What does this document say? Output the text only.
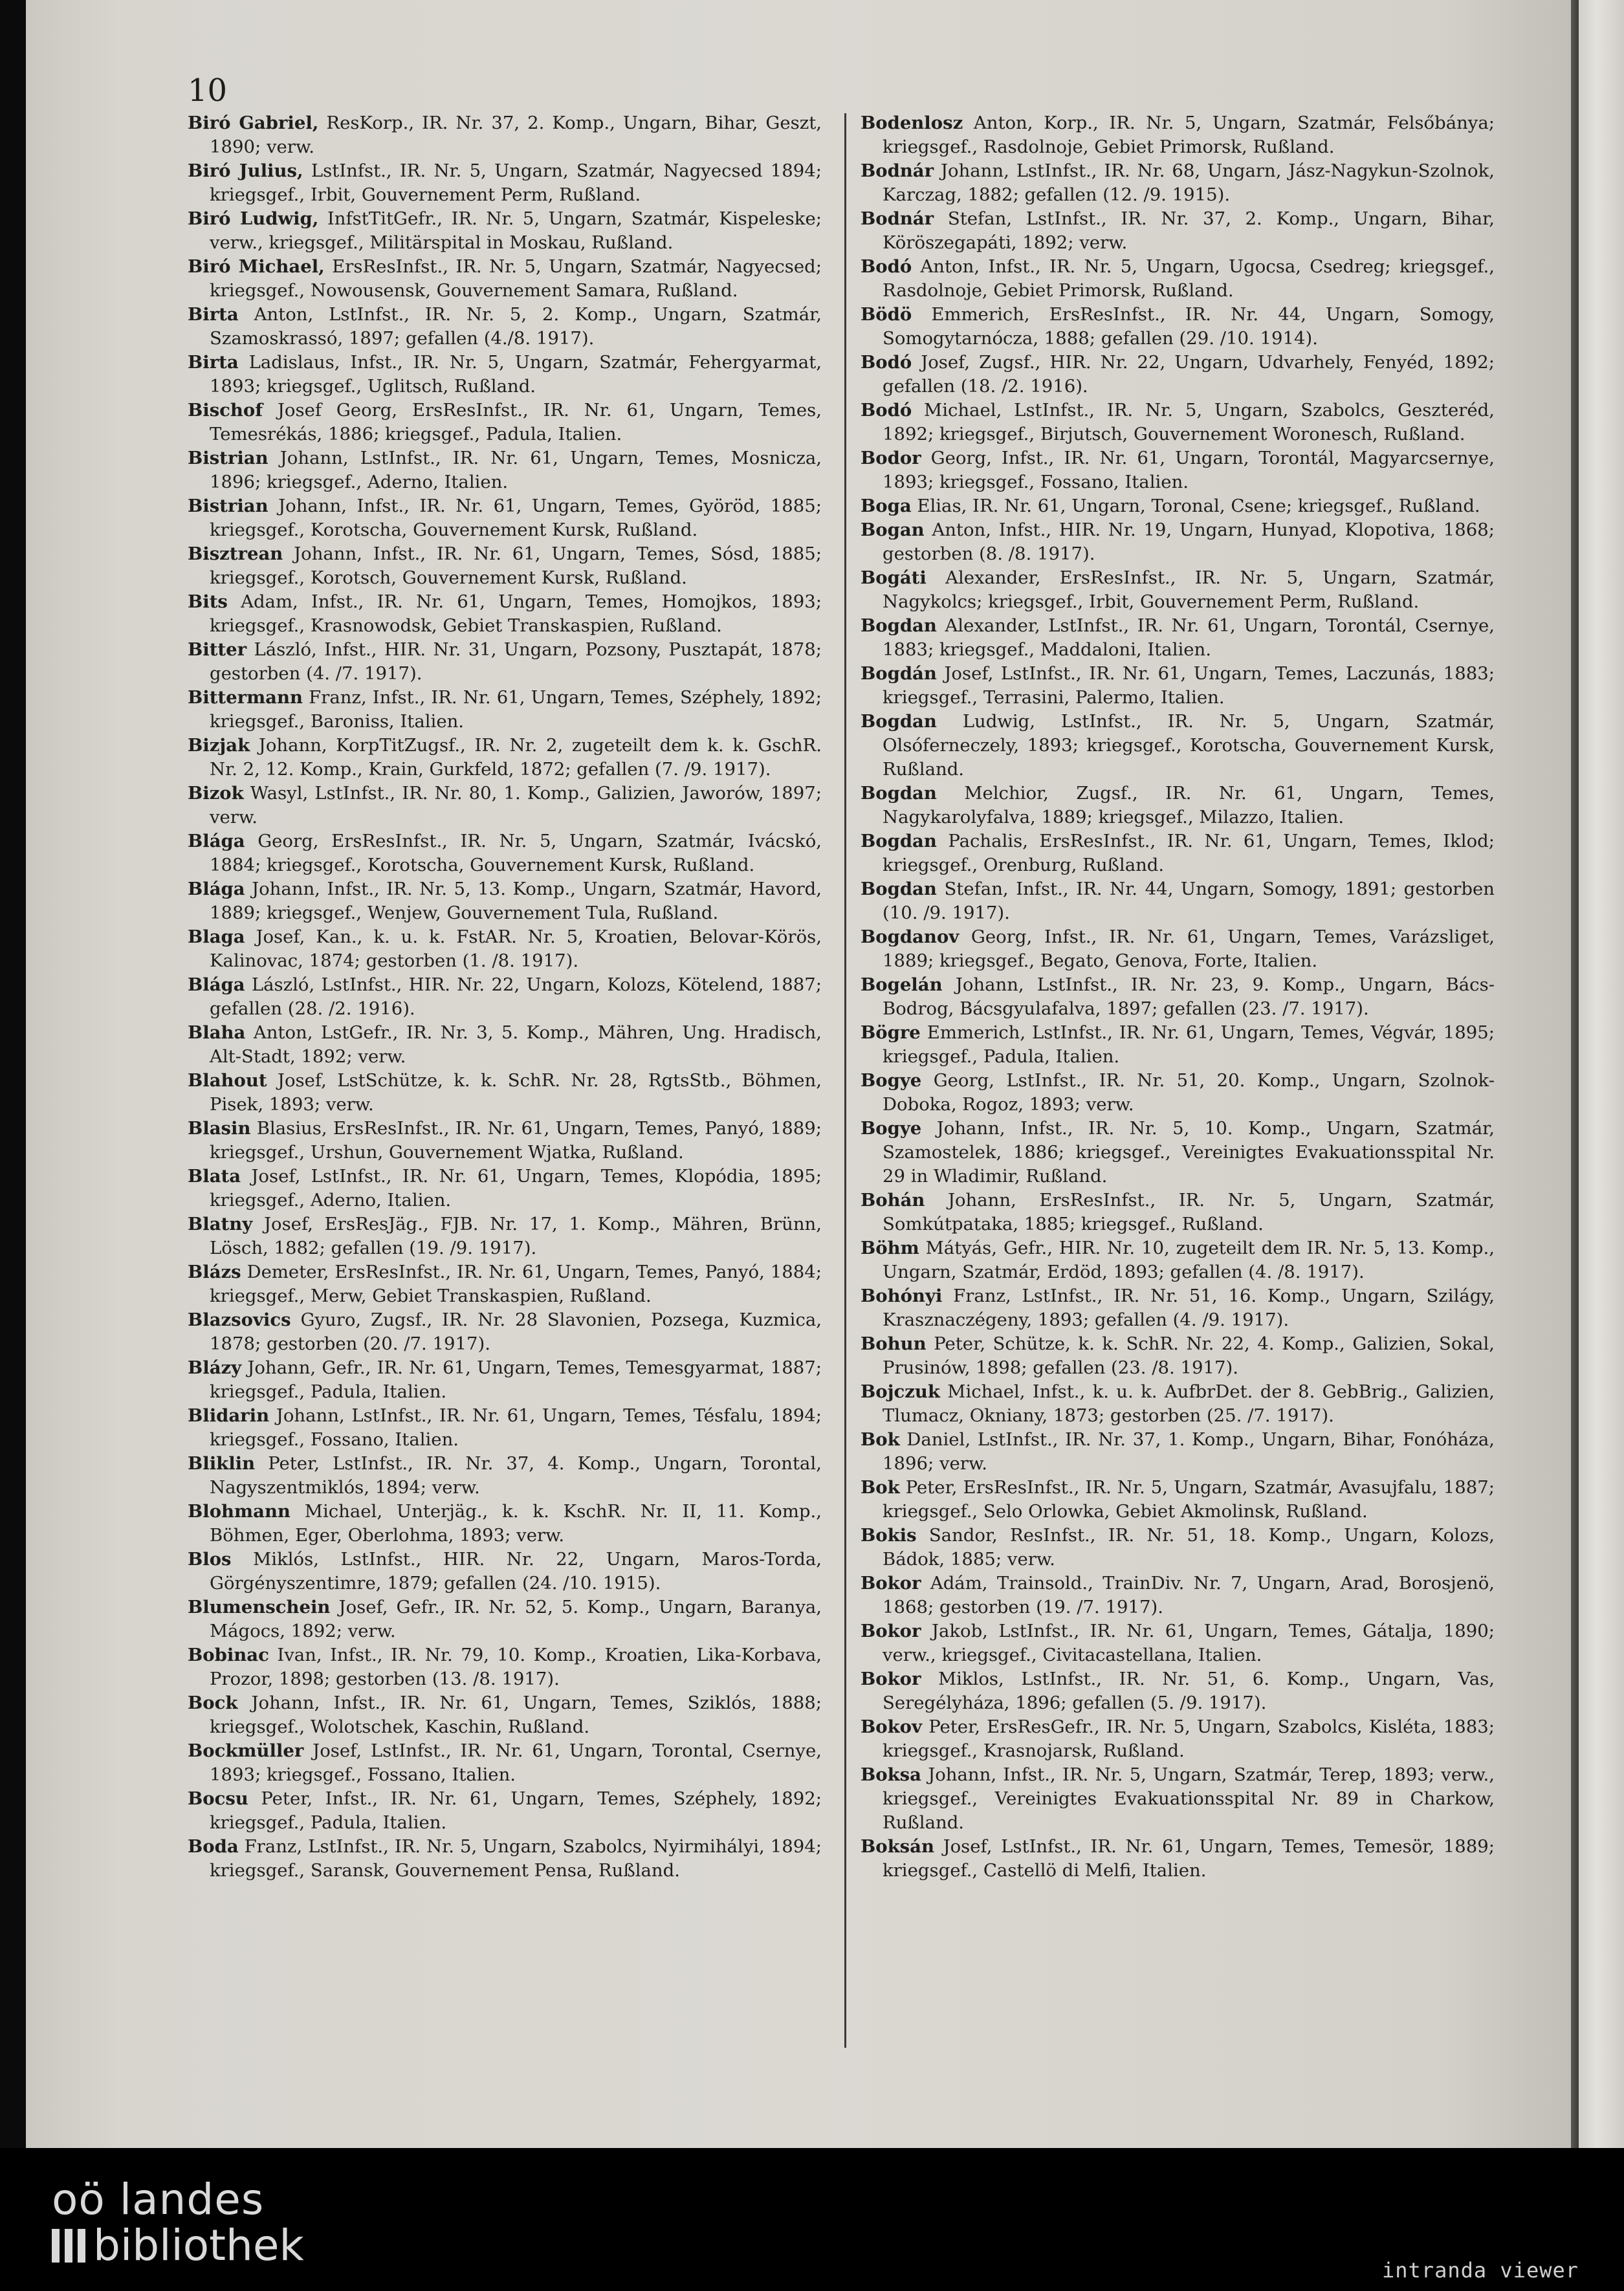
10

Biró Gabriel, ResKorp., IR. Nr. 37, 2. Komp., Ungarn, Bihar, Geszt, 1890; verw.

Biró Julius, LstInfst., IR. Nr. 5, Ungarn, Szatmár, Nagyecsed 1894; kriegsgef., Irbit, Gouvernement Perm, Rußland.

Biró Ludwig, InfstTitGefr., IR. Nr. 5, Ungarn, Szatmár, Kispeleske; verw., kriegsgef., Militärspital in Moskau, Rußland.

Biró Michael, ErsResInfst., IR. Nr. 5, Ungarn, Szatmár, Nagyecsed; kriegsgef., Nowousensk, Gouvernement Samara, Rußland.

Birta Anton, LstInfst., IR. Nr. 5, 2. Komp., Ungarn, Szatmár, Szamoskrassó, 1897; gefallen (4./8. 1917).

Birta Ladislaus, Infst., IR. Nr. 5, Ungarn, Szatmár, Fehergyarmat, 1893; kriegsgef., Uglitsch, Rußland.

Bischof Josef Georg, ErsResInfst., IR. Nr. 61, Ungarn, Temes, Temesrékás, 1886; kriegsgef., Padula, Italien.

Bistrian Johann, LstInfst., IR. Nr. 61, Ungarn, Temes, Mosnicza, 1896; kriegsgef., Aderno, Italien.

Bistrian Johann, Infst., IR. Nr. 61, Ungarn, Temes, Györöd, 1885; kriegsgef., Korotscha, Gouvernement Kursk, Rußland.

Bisztrean Johann, Infst., IR. Nr. 61, Ungarn, Temes, Sósd, 1885; kriegsgef., Korotsch, Gouvernement Kursk, Rußland.

Bits Adam, Infst., IR. Nr. 61, Ungarn, Temes, Homojkos, 1893; kriegsgef., Krasnowodsk, Gebiet Transkaspien, Rußland.

Bitter László, Infst., HIR. Nr. 31, Ungarn, Pozsony, Pusztapát, 1878; gestorben (4. /7. 1917).

Bittermann Franz, Infst., IR. Nr. 61, Ungarn, Temes, Széphely, 1892; kriegsgef., Baroniss, Italien.

Bizjak Johann, KorpTitZugsf., IR. Nr. 2, zugeteilt dem k. k. GschR. Nr. 2, 12. Komp., Krain, Gurkfeld, 1872; gefallen (7. /9. 1917).

Bizok Wasyl, LstInfst., IR. Nr. 80, 1. Komp., Galizien, Jaworów, 1897; verw.

Blága Georg, ErsResInfst., IR. Nr. 5, Ungarn, Szatmár, Ivácskó, 1884; kriegsgef., Korotscha, Gouvernement Kursk, Rußland.

Blága Johann, Infst., IR. Nr. 5, 13. Komp., Ungarn, Szatmár, Havord, 1889; kriegsgef., Wenjew, Gouvernement Tula, Rußland.

Blaga Josef, Kan., k. u. k. FstAR. Nr. 5, Kroatien, Belovar-Körös, Kalinovac, 1874; gestorben (1. /8. 1917).

Blága László, LstInfst., HIR. Nr. 22, Ungarn, Kolozs, Kötelend, 1887; gefallen (28. /2. 1916).

Blaha Anton, LstGefr., IR. Nr. 3, 5. Komp., Mähren, Ung. Hradisch, Alt-Stadt, 1892; verw.

Blahout Josef, LstSchütze, k. k. SchR. Nr. 28, RgtsStb., Böhmen, Pisek, 1893; verw.

Blasin Blasius, ErsResInfst., IR. Nr. 61, Ungarn, Temes, Panyó, 1889; kriegsgef., Urshun, Gouvernement Wjatka, Rußland.

Blata Josef, LstInfst., IR. Nr. 61, Ungarn, Temes, Klopódia, 1895; kriegsgef., Aderno, Italien.

Blatny Josef, ErsResJäg., FJB. Nr. 17, 1. Komp., Mähren, Brünn, Lösch, 1882; gefallen (19. /9. 1917).

Blázs Demeter, ErsResInfst., IR. Nr. 61, Ungarn, Temes, Panyó, 1884; kriegsgef., Merw, Gebiet Transkaspien, Rußland.

Blazsovics Gyuro, Zugsf., IR. Nr. 28 Slavonien, Pozsega, Kuzmica, 1878; gestorben (20. /7. 1917).

Blázy Johann, Gefr., IR. Nr. 61, Ungarn, Temes, Temesgyarmat, 1887; kriegsgef., Padula, Italien.

Blidarin Johann, LstInfst., IR. Nr. 61, Ungarn, Temes, Tésfalu, 1894; kriegsgef., Fossano, Italien.

Bliklin Peter, LstInfst., IR. Nr. 37, 4. Komp., Ungarn, Torontal, Nagyszentmiklós, 1894; verw.

Blohmann Michael, Unterjäg., k. k. KschR. Nr. II, 11. Komp., Böhmen, Eger, Oberlohma, 1893; verw.

Blos Miklós, LstInfst., HIR. Nr. 22, Ungarn, Maros-Torda, Görgényszentimre, 1879; gefallen (24. /10. 1915).

Blumenschein Josef, Gefr., IR. Nr. 52, 5. Komp., Ungarn, Baranya, Mágocs, 1892; verw.

Bobinac Ivan, Infst., IR. Nr. 79, 10. Komp., Kroatien, Lika-Korbava, Prozor, 1898; gestorben (13. /8. 1917).

Bock Johann, Infst., IR. Nr. 61, Ungarn, Temes, Sziklós, 1888; kriegsgef., Wolotschek, Kaschin, Rußland.

Bockmüller Josef, LstInfst., IR. Nr. 61, Ungarn, Torontal, Csernye, 1893; kriegsgef., Fossano, Italien.

Bocsu Peter, Infst., IR. Nr. 61, Ungarn, Temes, Széphely, 1892; kriegsgef., Padula, Italien.

Boda Franz, LstInfst., IR. Nr. 5, Ungarn, Szabolcs, Nyirmihályi, 1894; kriegsgef., Saransk, Gouvernement Pensa, Rußland.

Bodenlosz Anton, Korp., IR. Nr. 5, Ungarn, Szatmár, Felsőbánya; kriegsgef., Rasdolnoje, Gebiet Primorsk, Rußland.

Bodnár Johann, LstInfst., IR. Nr. 68, Ungarn, Jász-Nagykun-Szolnok, Karczag, 1882; gefallen (12. /9. 1915).

Bodnár Stefan, LstInfst., IR. Nr. 37, 2. Komp., Ungarn, Bihar, Köröszegapáti, 1892; verw.

Bodó Anton, Infst., IR. Nr. 5, Ungarn, Ugocsa, Csedreg; kriegsgef., Rasdolnoje, Gebiet Primorsk, Rußland.

Bödö Emmerich, ErsResInfst., IR. Nr. 44, Ungarn, Somogy, Somogytarnócza, 1888; gefallen (29. /10. 1914).

Bodó Josef, Zugsf., HIR. Nr. 22, Ungarn, Udvarhely, Fenyéd, 1892; gefallen (18. /2. 1916).

Bodó Michael, LstInfst., IR. Nr. 5, Ungarn, Szabolcs, Geszteréd, 1892; kriegsgef., Birjutsch, Gouvernement Woronesch, Rußland.

Bodor Georg, Infst., IR. Nr. 61, Ungarn, Torontál, Magyarcsernye, 1893; kriegsgef., Fossano, Italien.

Boga Elias, IR. Nr. 61, Ungarn, Toronal, Csene; kriegsgef., Rußland.

Bogan Anton, Infst., HIR. Nr. 19, Ungarn, Hunyad, Klopotiva, 1868; gestorben (8. /8. 1917).

Bogáti Alexander, ErsResInfst., IR. Nr. 5, Ungarn, Szatmár, Nagykolcs; kriegsgef., Irbit, Gouvernement Perm, Rußland.

Bogdan Alexander, LstInfst., IR. Nr. 61, Ungarn, Torontál, Csernye, 1883; kriegsgef., Maddaloni, Italien.

Bogdán Josef, LstInfst., IR. Nr. 61, Ungarn, Temes, Laczunás, 1883; kriegsgef., Terrasini, Palermo, Italien.

Bogdan Ludwig, LstInfst., IR. Nr. 5, Ungarn, Szatmár, Olsóferneczely, 1893; kriegsgef., Korotscha, Gouvernement Kursk, Rußland.

Bogdan Melchior, Zugsf., IR. Nr. 61, Ungarn, Temes, Nagykarolyfalva, 1889; kriegsgef., Milazzo, Italien.

Bogdan Pachalis, ErsResInfst., IR. Nr. 61, Ungarn, Temes, Iklod; kriegsgef., Orenburg, Rußland.

Bogdan Stefan, Infst., IR. Nr. 44, Ungarn, Somogy, 1891; gestorben (10. /9. 1917).

Bogdanov Georg, Infst., IR. Nr. 61, Ungarn, Temes, Varázsliget, 1889; kriegsgef., Begato, Genova, Forte, Italien.

Bogelán Johann, LstInfst., IR. Nr. 23, 9. Komp., Ungarn, Bács-Bodrog, Bácsgyulafalva, 1897; gefallen (23. /7. 1917).

Bögre Emmerich, LstInfst., IR. Nr. 61, Ungarn, Temes, Végvár, 1895; kriegsgef., Padula, Italien.

Bogye Georg, LstInfst., IR. Nr. 51, 20. Komp., Ungarn, Szolnok-Doboka, Rogoz, 1893; verw.

Bogye Johann, Infst., IR. Nr. 5, 10. Komp., Ungarn, Szatmár, Szamostelek, 1886; kriegsgef., Vereinigtes Evakuationsspital Nr. 29 in Wladimir, Rußland.

Bohán Johann, ErsResInfst., IR. Nr. 5, Ungarn, Szatmár, Somkútpataka, 1885; kriegsgef., Rußland.

Böhm Mátyás, Gefr., HIR. Nr. 10, zugeteilt dem IR. Nr. 5, 13. Komp., Ungarn, Szatmár, Erdöd, 1893; gefallen (4. /8. 1917).

Bohónyi Franz, LstInfst., IR. Nr. 51, 16. Komp., Ungarn, Szilágy, Krasznaczégeny, 1893; gefallen (4. /9. 1917).

Bohun Peter, Schütze, k. k. SchR. Nr. 22, 4. Komp., Galizien, Sokal, Prusinów, 1898; gefallen (23. /8. 1917).

Bojczuk Michael, Infst., k. u. k. AufbrDet. der 8. GebBrig., Galizien, Tlumacz, Okniany, 1873; gestorben (25. /7. 1917).

Bok Daniel, LstInfst., IR. Nr. 37, 1. Komp., Ungarn, Bihar, Fonóháza, 1896; verw.

Bok Peter, ErsResInfst., IR. Nr. 5, Ungarn, Szatmár, Avasujfalu, 1887; kriegsgef., Selo Orlowka, Gebiet Akmolinsk, Rußland.

Bokis Sandor, ResInfst., IR. Nr. 51, 18. Komp., Ungarn, Kolozs, Bádok, 1885; verw.

Bokor Adám, Trainsold., TrainDiv. Nr. 7, Ungarn, Arad, Borosjenö, 1868; gestorben (19. /7. 1917).

Bokor Jakob, LstInfst., IR. Nr. 61, Ungarn, Temes, Gátalja, 1890; verw., kriegsgef., Civitacastellana, Italien.

Bokor Miklos, LstInfst., IR. Nr. 51, 6. Komp., Ungarn, Vas, Seregélyháza, 1896; gefallen (5. /9. 1917).

Bokov Peter, ErsResGefr., IR. Nr. 5, Ungarn, Szabolcs, Kisléta, 1883; kriegsgef., Krasnojarsk, Rußland.

Boksa Johann, Infst., IR. Nr. 5, Ungarn, Szatmár, Terep, 1893; verw., kriegsgef., Vereinigtes Evakuationsspital Nr. 89 in Charkow, Rußland.

Boksán Josef, LstInfst., IR. Nr. 61, Ungarn, Temes, Temesör, 1889; kriegsgef., Castellö di Melfi, Italien.

oö landes
bibliothek	intranda viewer
